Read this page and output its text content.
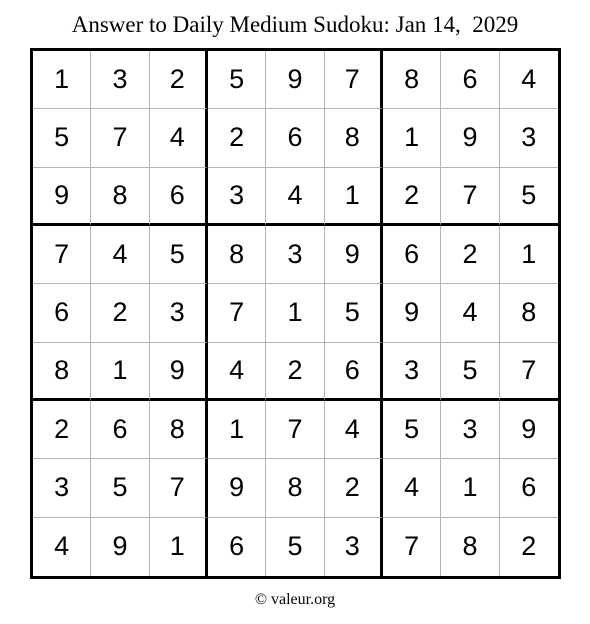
Answer to Daily Medium Sudoku: Jan 14,  2029
1	3	2	5	9	7	8	6	4
5	7	4	2	6	8	1	9	3
9	8	6	3	4	1	2	7	5
7	4	5	8	3	9	6	2	1
6	2	3	7	1	5	9	4	8
8	1	9	4	2	6	3	5	7
2	6	8	1	7	4	5	3	9
3	5	7	9	8	2	4	1	6
4	9	1	6	5	3	7	8	2
© valeur.org
